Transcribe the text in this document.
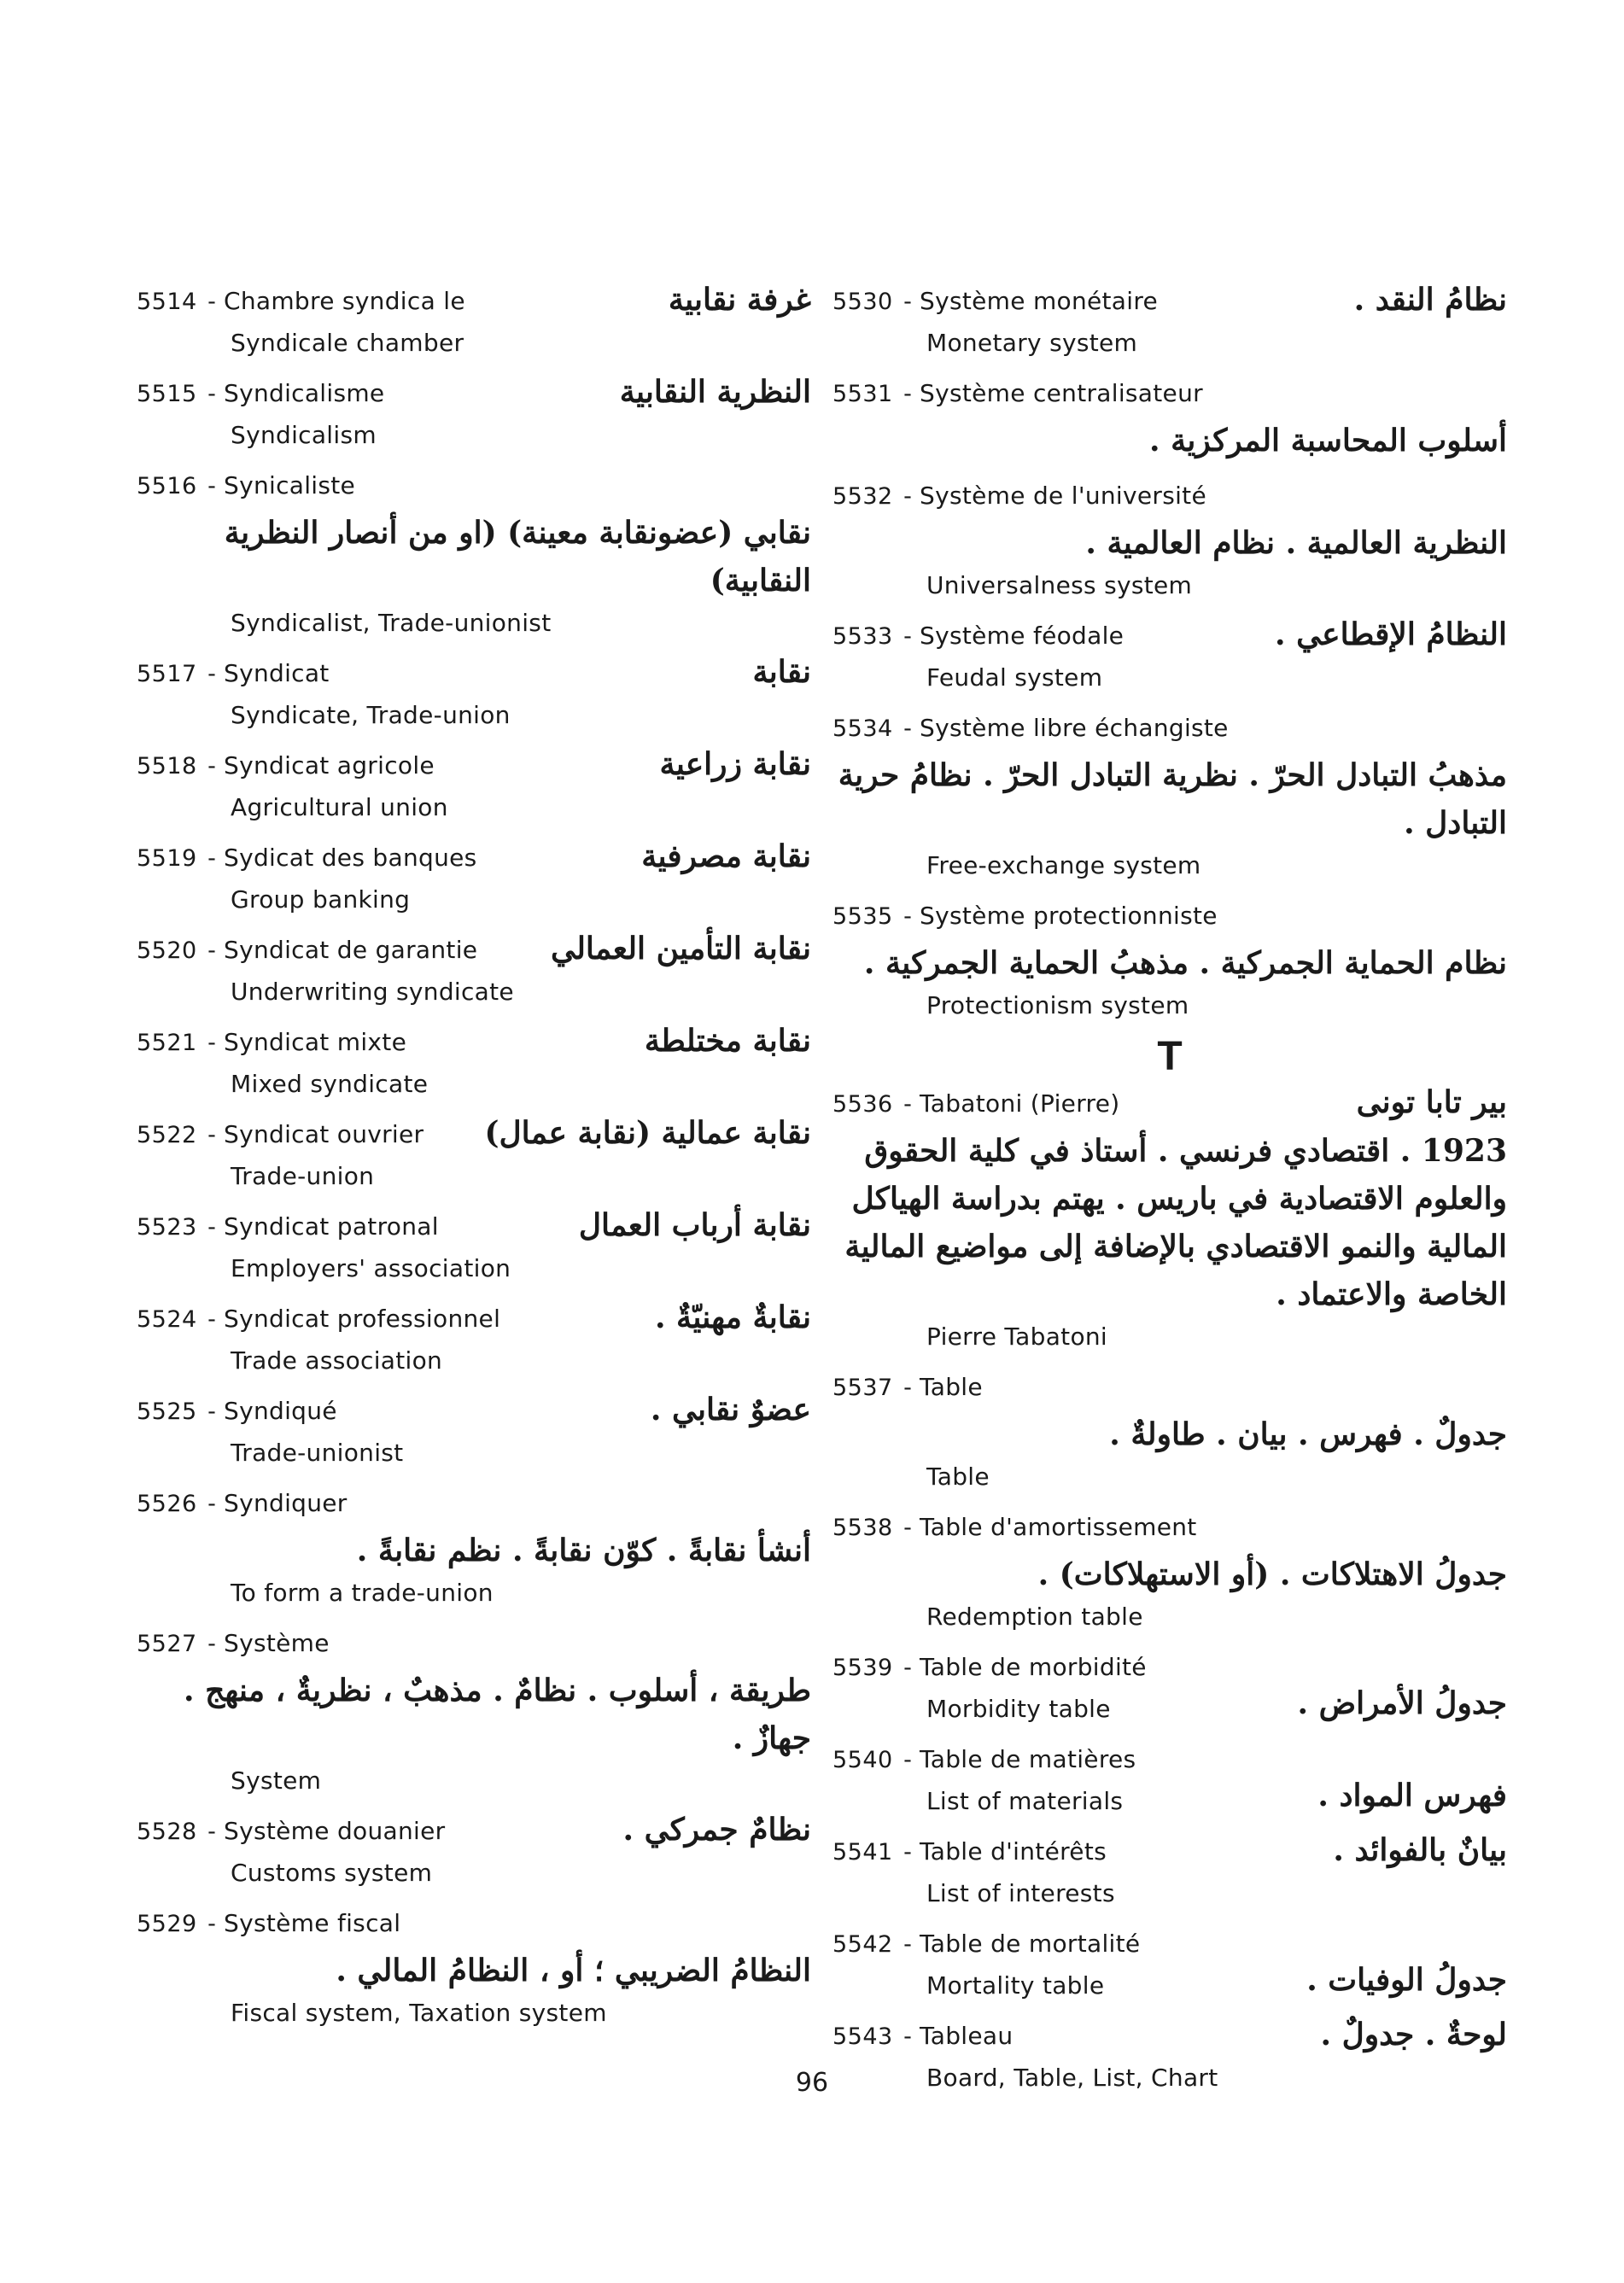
5514 - Chambre syndica le	غرفة نقابية
Syndicale chamber
5515 - Syndicalisme	النظرية النقابية
Syndicalism
5516 - Synicaliste
نقابي (عضونقابة معينة) (او من أنصار النظرية النقابية)
Syndicalist, Trade-unionist
5517 - Syndicat	نقابة
Syndicate, Trade-union
5518 - Syndicat agricole	نقابة زراعية
Agricultural union
5519 - Sydicat des banques	نقابة مصرفية
Group banking
5520 - Syndicat de garantie نقابة التأمين العمالي
Underwriting syndicate
5521 - Syndicat mixte	نقابة مختلطة
Mixed syndicate
5522 - Syndicat ouvrier نقابة عمالية (نقابة عمال)
Trade-union
5523 - Syndicat patronal	نقابة أرباب العمال
Employers' association
5524 - Syndicat professionnel	نقابةٌ مهنيّةٌ .
Trade association
5525 - Syndiqué	عضوٌ نقابي .
Trade-unionist
5526 - Syndiquer
أنشأ نقابةً . كوّن نقابةً . نظم نقابةً .
To form a trade-union
5527 - Système
طريقة ، أسلوب . نظامٌ . مذهبٌ ، نظريةٌ ، منهج . جهازٌ .
System
5528 - Système douanier	نظامٌ جمركي .
Customs system
5529 - Système fiscal
النظامُ الضريبي ؛ أو ، النظامُ المالي .
Fiscal system, Taxation system
5530 - Système monétaire	نظامُ النقد .
Monetary system
5531 - Système centralisateur
أسلوب المحاسبة المركزية .
5532 - Système de l'université
النظرية العالمية . نظام العالمية .
Universalness system
5533 - Système féodale	النظامُ الإقطاعي .
Feudal system
5534 - Système libre échangiste
مذهبُ التبادل الحرّ . نظرية التبادل الحرّ . نظامُ حرية التبادل .
Free-exchange system
5535 - Système protectionniste
نظام الحماية الجمركية . مذهبُ الحماية الجمركية .
Protectionism system
T
5536 - Tabatoni (Pierre)	بير تابا تونى
1923 . اقتصادي فرنسي . أستاذ في كلية الحقوق والعلوم الاقتصادية في باريس . يهتم بدراسة الهياكل المالية والنمو الاقتصادي بالإضافة إلى مواضيع المالية الخاصة والاعتماد .
Pierre Tabatoni
5537 - Table
جدولٌ . فهرس . بيان . طاولةٌ .
Table
5538 - Table d'amortissement
جدولُ الاهتلاكات . (أو الاستهلاكات) .
Redemption table
5539 - Table de morbidité
Morbidity table	جدولُ الأمراض .
5540 - Table de matières
List of materials	فهرس المواد .
5541 - Table d'intérêts	بيانٌ بالفوائد .
List of interests
5542 - Table de mortalité
Mortality table	جدولُ الوفيات .
5543 - Tableau	لوحةٌ . جدولٌ .
Board, Table, List, Chart
96
